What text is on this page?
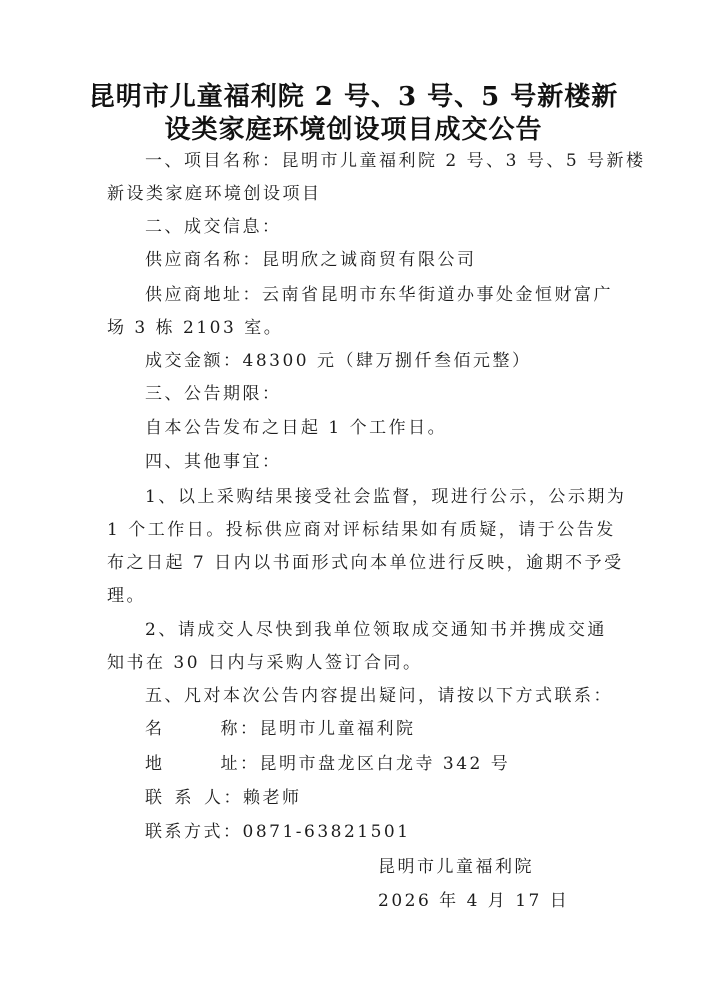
昆明市儿童福利院 2 号、3 号、5 号新楼新
设类家庭环境创设项目成交公告
一、项目名称：昆明市儿童福利院 2 号、3 号、5 号新楼
新设类家庭环境创设项目
二、成交信息：
供应商名称：昆明欣之诚商贸有限公司
供应商地址：云南省昆明市东华街道办事处金恒财富广
场 3 栋 2103 室。
成交金额：48300 元（肆万捌仟叁佰元整）
三、公告期限：
自本公告发布之日起 1 个工作日。
四、其他事宜：
1、以上采购结果接受社会监督，现进行公示，公示期为
1 个工作日。投标供应商对评标结果如有质疑，请于公告发
布之日起 7 日内以书面形式向本单位进行反映，逾期不予受
理。
2、请成交人尽快到我单位领取成交通知书并携成交通
知书在 30 日内与采购人签订合同。
五、凡对本次公告内容提出疑问，请按以下方式联系：
名	称：昆明市儿童福利院
地	址：昆明市盘龙区白龙寺 342 号
联 系 人：赖老师
联系方式：0871-63821501
昆明市儿童福利院
2026 年 4 月 17 日
